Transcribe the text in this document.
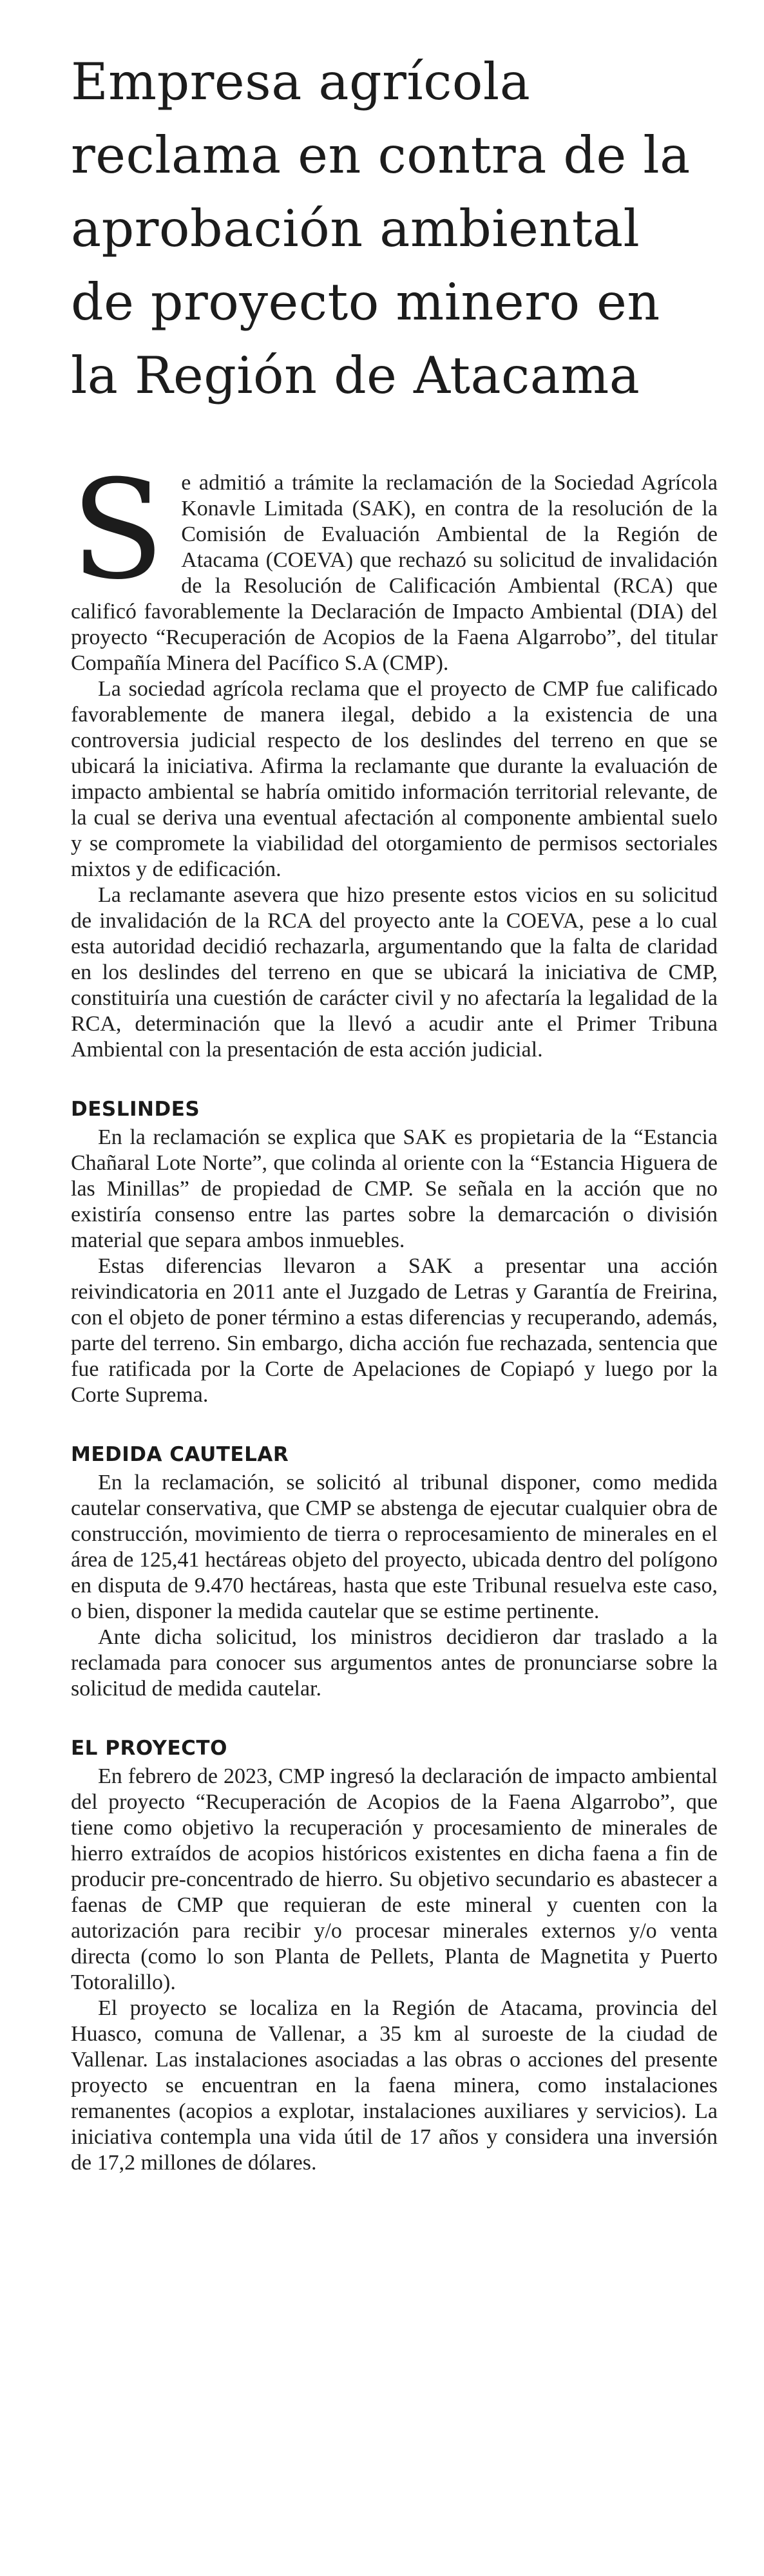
Empresa agrícola reclama en contra de la aprobación ambiental de proyecto minero en la Región de Atacama

Se admitió a trámite la reclamación de la Sociedad Agrícola Konavle Limitada (SAK), en contra de la resolución de la Comisión de Evaluación Ambiental de la Región de Atacama (COEVA) que rechazó su solicitud de invalidación de la Resolución de Calificación Ambiental (RCA) que calificó favorablemente la Declaración de Impacto Ambiental (DIA) del proyecto “Recuperación de Acopios de la Faena Algarrobo”, del titular Compañía Minera del Pacífico S.A (CMP).

La sociedad agrícola reclama que el proyecto de CMP fue calificado favorablemente de manera ilegal, debido a la existencia de una controversia judicial respecto de los deslindes del terreno en que se ubicará la iniciativa. Afirma la reclamante que durante la evaluación de impacto ambiental se habría omitido información territorial relevante, de la cual se deriva una eventual afectación al componente ambiental suelo y se compromete la viabilidad del otorgamiento de permisos sectoriales mixtos y de edificación.

La reclamante asevera que hizo presente estos vicios en su solicitud de invalidación de la RCA del proyecto ante la COEVA, pese a lo cual esta autoridad decidió rechazarla, argumentando que la falta de claridad en los deslindes del terreno en que se ubicará la iniciativa de CMP, constituiría una cuestión de carácter civil y no afectaría la legalidad de la RCA, determinación que la llevó a acudir ante el Primer Tribuna Ambiental con la presentación de esta acción judicial.

DESLINDES

En la reclamación se explica que SAK es propietaria de la “Estancia Chañaral Lote Norte”, que colinda al oriente con la “Estancia Higuera de las Minillas” de propiedad de CMP. Se señala en la acción que no existiría consenso entre las partes sobre la demarcación o división material que separa ambos inmuebles.

Estas diferencias llevaron a SAK a presentar una acción reivindicatoria en 2011 ante el Juzgado de Letras y Garantía de Freirina, con el objeto de poner término a estas diferencias y recuperando, además, parte del terreno. Sin embargo, dicha acción fue rechazada, sentencia que fue ratificada por la Corte de Apelaciones de Copiapó y luego por la Corte Suprema.

MEDIDA CAUTELAR

En la reclamación, se solicitó al tribunal disponer, como medida cautelar conservativa, que CMP se abstenga de ejecutar cualquier obra de construcción, movimiento de tierra o reprocesamiento de minerales en el área de 125,41 hectáreas objeto del proyecto, ubicada dentro del polígono en disputa de 9.470 hectáreas, hasta que este Tribunal resuelva este caso, o bien, disponer la medida cautelar que se estime pertinente.

Ante dicha solicitud, los ministros decidieron dar traslado a la reclamada para conocer sus argumentos antes de pronunciarse sobre la solicitud de medida cautelar.

EL PROYECTO

En febrero de 2023, CMP ingresó la declaración de impacto ambiental del proyecto “Recuperación de Acopios de la Faena Algarrobo”, que tiene como objetivo la recuperación y procesamiento de minerales de hierro extraídos de acopios históricos existentes en dicha faena a fin de producir pre-concentrado de hierro. Su objetivo secundario es abastecer a faenas de CMP que requieran de este mineral y cuenten con la autorización para recibir y/o procesar minerales externos y/o venta directa (como lo son Planta de Pellets, Planta de Magnetita y Puerto Totoralillo).

El proyecto se localiza en la Región de Atacama, provincia del Huasco, comuna de Vallenar, a 35 km al suroeste de la ciudad de Vallenar. Las instalaciones asociadas a las obras o acciones del presente proyecto se encuentran en la faena minera, como instalaciones remanentes (acopios a explotar, instalaciones auxiliares y servicios). La iniciativa contempla una vida útil de 17 años y considera una inversión de 17,2 millones de dólares.
